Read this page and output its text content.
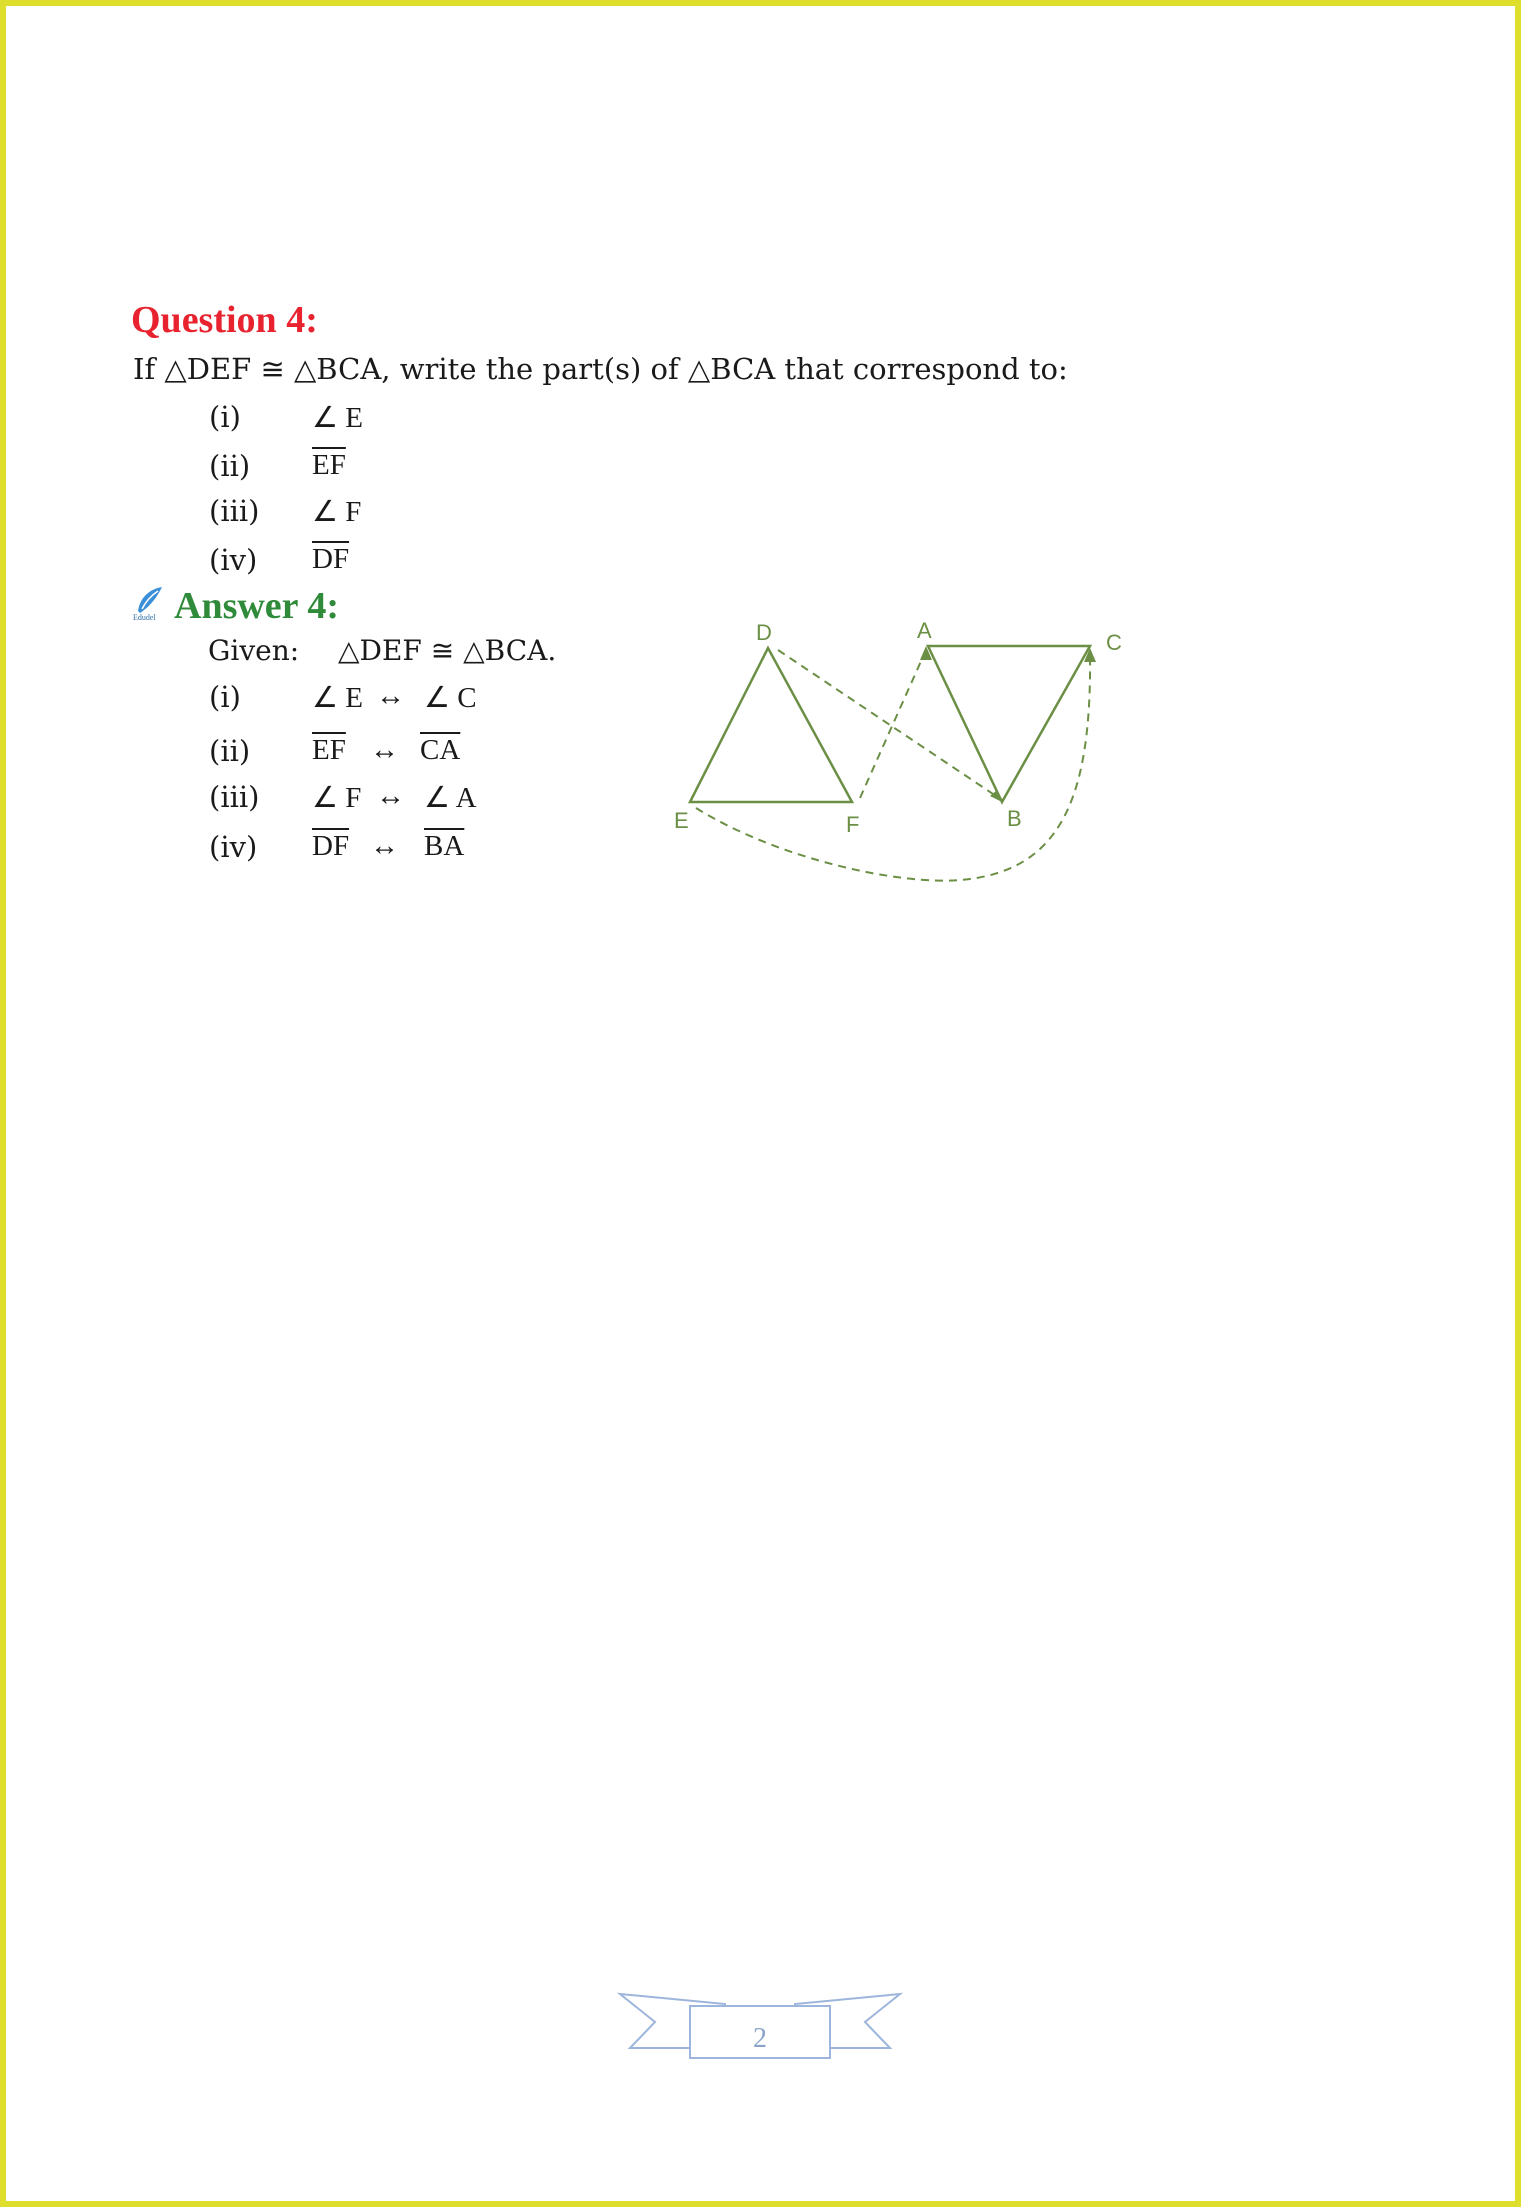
Question 4:
If △DEF ≅ △BCA, write the part(s) of △BCA that correspond to:
(i) ∠ E
(ii) $\overline{EF}$
(iii) ∠ F
(iv) $\overline{DF}$
Edudel Answer 4:
Given: △DEF ≅ △BCA.
(i) ∠ E ↔ ∠ C
(ii) $\overline{EF}$ ↔ $\overline{CA}$
(iii) ∠ F ↔ ∠ A
(iv) $\overline{DF}$ ↔ $\overline{BA}$
D
E	F
A
B
C
2
